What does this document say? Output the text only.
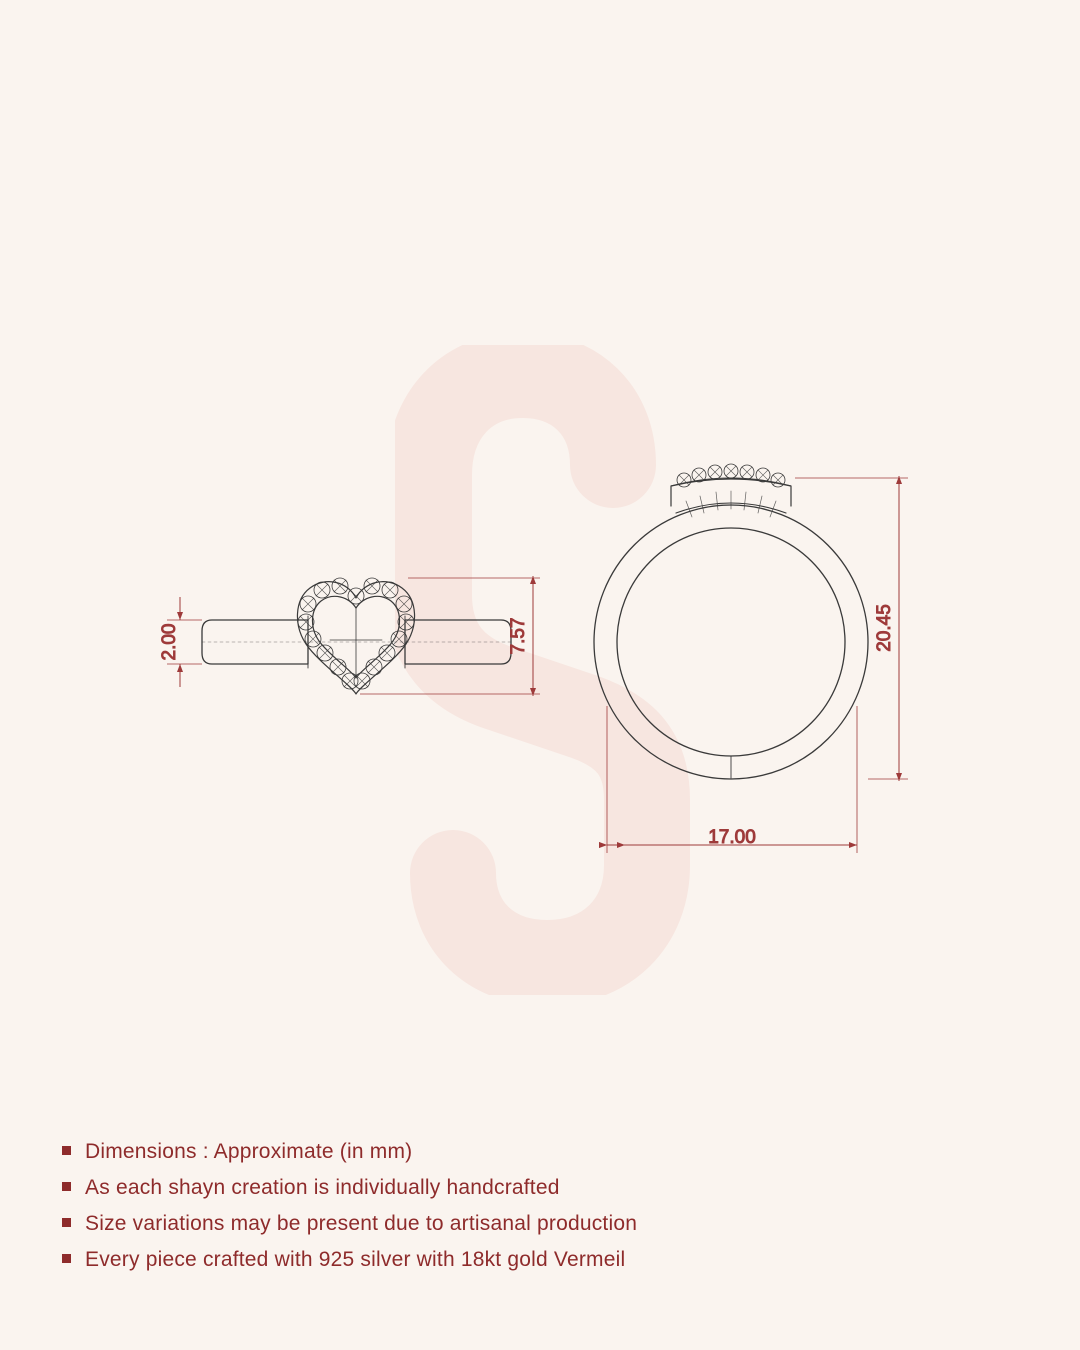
2.00	7.57	20.45
17.00
Dimensions : Approximate (in mm)
As each shayn creation is individually handcrafted
Size variations may be present due to artisanal production
Every piece crafted with 925 silver with 18kt gold Vermeil
